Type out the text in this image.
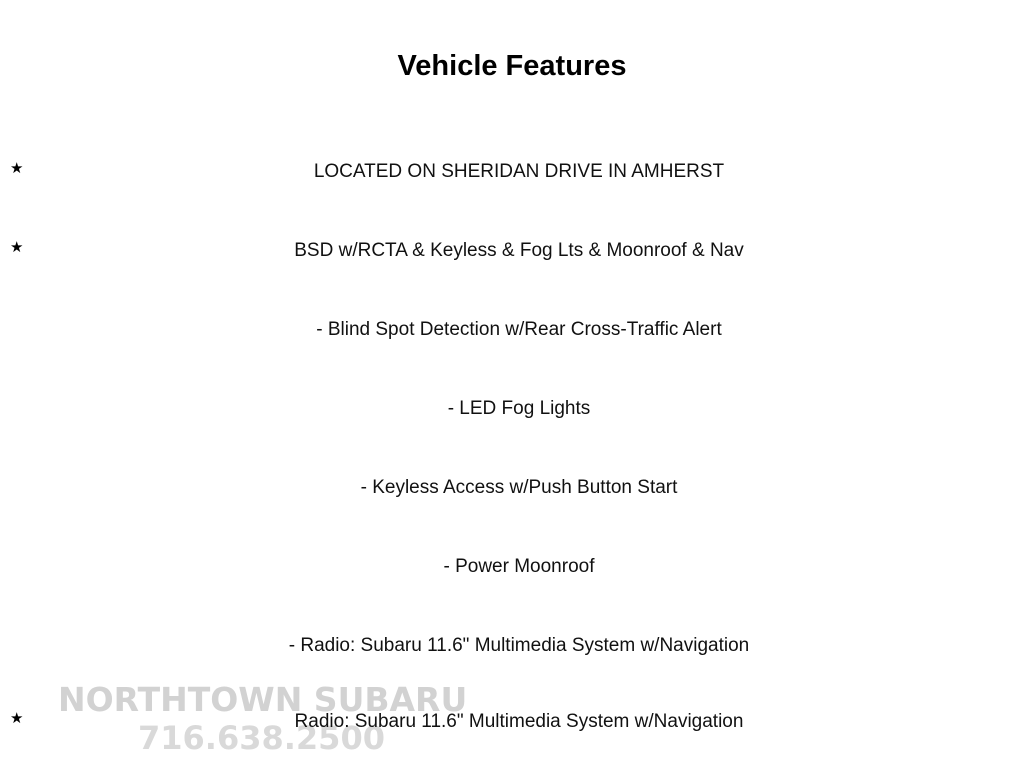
Vehicle Features
★	LOCATED ON SHERIDAN DRIVE IN AMHERST
★	BSD w/RCTA & Keyless & Fog Lts & Moonroof & Nav
- Blind Spot Detection w/Rear Cross-Traffic Alert
- LED Fog Lights
- Keyless Access w/Push Button Start
- Power Moonroof
- Radio: Subaru 11.6" Multimedia System w/Navigation
NORTHTOWN SUBARU
716.638.2500
★	Radio: Subaru 11.6" Multimedia System w/Navigation
